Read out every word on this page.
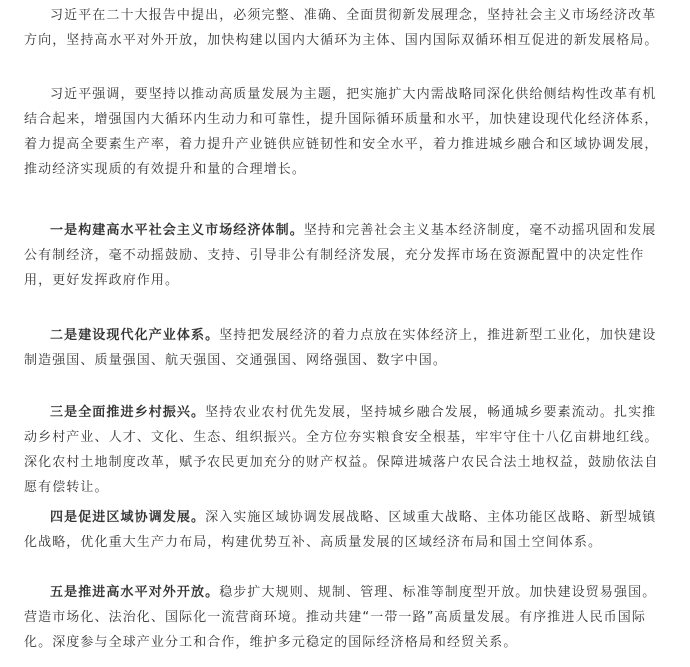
习近平在二十大报告中提出，必须完整、准确、全面贯彻新发展理念，坚持社会主义市场经济改革方向，坚持高水平对外开放，加快构建以国内大循环为主体、国内国际双循环相互促进的新发展格局。

习近平强调，要坚持以推动高质量发展为主题，把实施扩大内需战略同深化供给侧结构性改革有机结合起来，增强国内大循环内生动力和可靠性，提升国际循环质量和水平，加快建设现代化经济体系，着力提高全要素生产率，着力提升产业链供应链韧性和安全水平，着力推进城乡融合和区域协调发展，推动经济实现质的有效提升和量的合理增长。

一是构建高水平社会主义市场经济体制。坚持和完善社会主义基本经济制度，毫不动摇巩固和发展公有制经济，毫不动摇鼓励、支持、引导非公有制经济发展，充分发挥市场在资源配置中的决定性作用，更好发挥政府作用。

二是建设现代化产业体系。坚持把发展经济的着力点放在实体经济上，推进新型工业化，加快建设制造强国、质量强国、航天强国、交通强国、网络强国、数字中国。

三是全面推进乡村振兴。坚持农业农村优先发展，坚持城乡融合发展，畅通城乡要素流动。扎实推动乡村产业、人才、文化、生态、组织振兴。全方位夯实粮食安全根基，牢牢守住十八亿亩耕地红线。深化农村土地制度改革，赋予农民更加充分的财产权益。保障进城落户农民合法土地权益，鼓励依法自愿有偿转让。

四是促进区域协调发展。深入实施区域协调发展战略、区域重大战略、主体功能区战略、新型城镇化战略，优化重大生产力布局，构建优势互补、高质量发展的区域经济布局和国土空间体系。

五是推进高水平对外开放。稳步扩大规则、规制、管理、标准等制度型开放。加快建设贸易强国。营造市场化、法治化、国际化一流营商环境。推动共建“一带一路”高质量发展。有序推进人民币国际化。深度参与全球产业分工和合作，维护多元稳定的国际经济格局和经贸关系。
